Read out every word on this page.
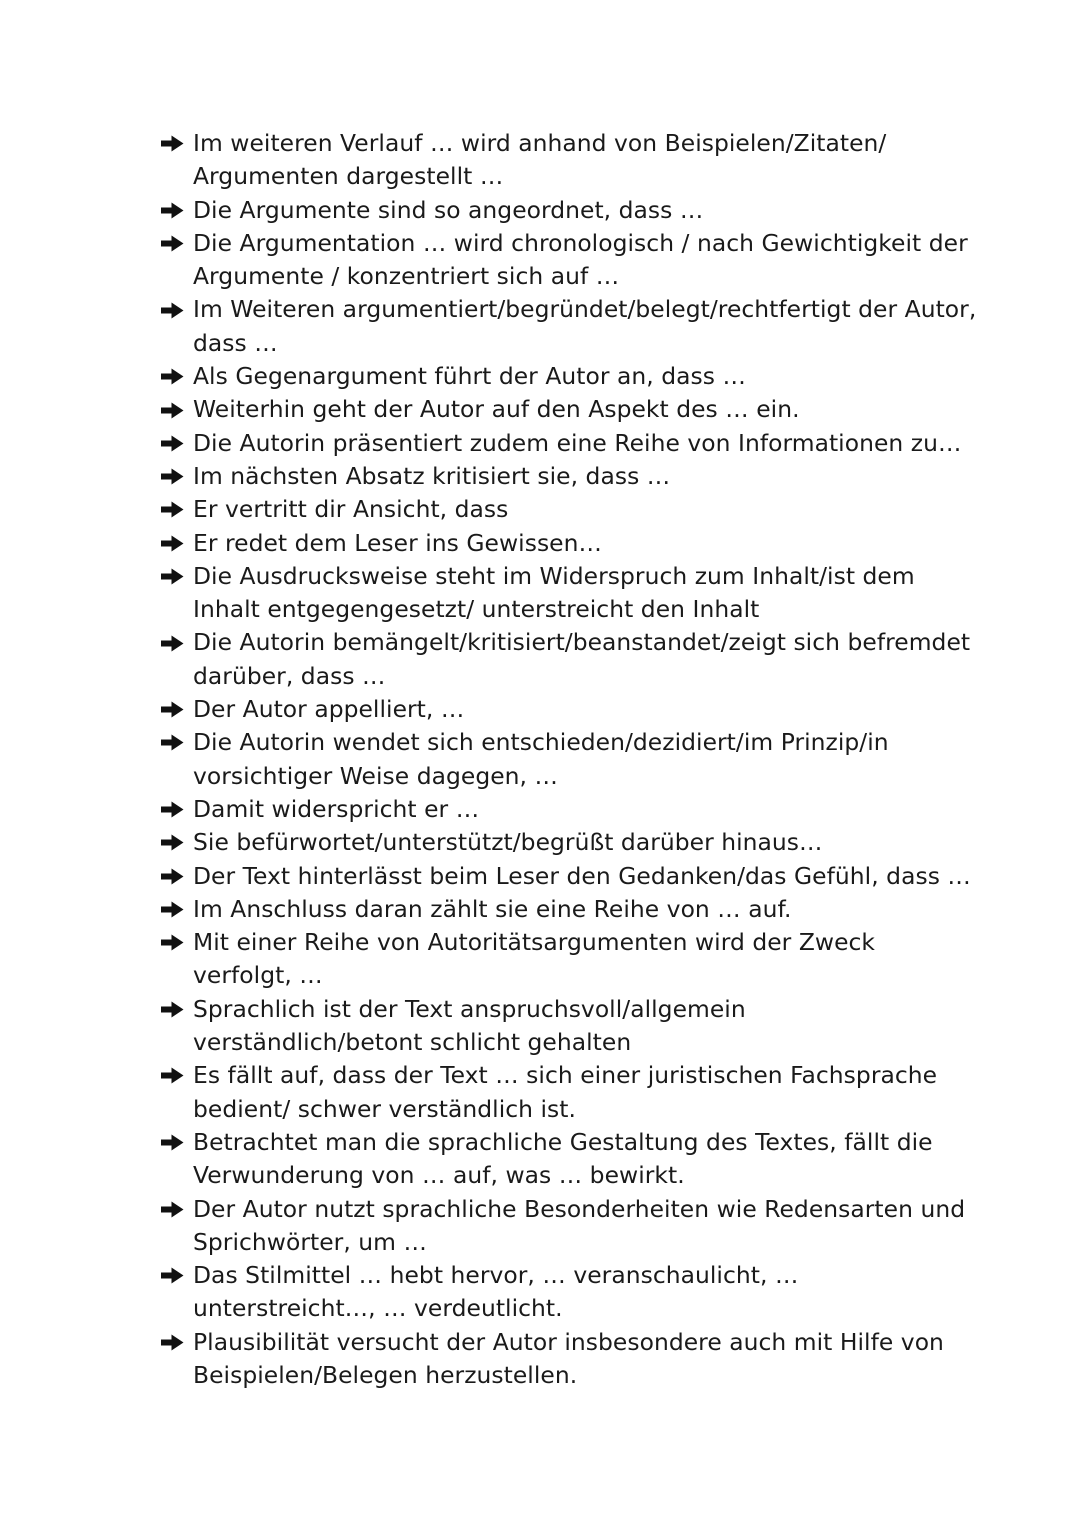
Im weiteren Verlauf … wird anhand von Beispielen/Zitaten/ Argumenten dargestellt …
Die Argumente sind so angeordnet, dass …
Die Argumentation … wird chronologisch / nach Gewichtigkeit der Argumente / konzentriert sich auf …
Im Weiteren argumentiert/begründet/belegt/rechtfertigt der Autor, dass …
Als Gegenargument führt der Autor an, dass …
Weiterhin geht der Autor auf den Aspekt des … ein.
Die Autorin präsentiert zudem eine Reihe von Informationen zu…
Im nächsten Absatz kritisiert sie, dass …
Er vertritt dir Ansicht, dass
Er redet dem Leser ins Gewissen…
Die Ausdrucksweise steht im Widerspruch zum Inhalt/ist dem Inhalt entgegengesetzt/ unterstreicht den Inhalt
Die Autorin bemängelt/kritisiert/beanstandet/zeigt sich befremdet darüber, dass …
Der Autor appelliert, …
Die Autorin wendet sich entschieden/dezidiert/im Prinzip/in vorsichtiger Weise dagegen, …
Damit widerspricht er …
Sie befürwortet/unterstützt/begrüßt darüber hinaus…
Der Text hinterlässt beim Leser den Gedanken/das Gefühl, dass …
Im Anschluss daran zählt sie eine Reihe von … auf.
Mit einer Reihe von Autoritätsargumenten wird der Zweck verfolgt, …
Sprachlich ist der Text anspruchsvoll/allgemein verständlich/betont schlicht gehalten
Es fällt auf, dass der Text … sich einer juristischen Fachsprache bedient/ schwer verständlich ist.
Betrachtet man die sprachliche Gestaltung des Textes, fällt die Verwunderung von … auf, was … bewirkt.
Der Autor nutzt sprachliche Besonderheiten wie Redensarten und Sprichwörter, um …
Das Stilmittel … hebt hervor, … veranschaulicht, … unterstreicht…, … verdeutlicht.
Plausibilität versucht der Autor insbesondere auch mit Hilfe von Beispielen/Belegen herzustellen.
